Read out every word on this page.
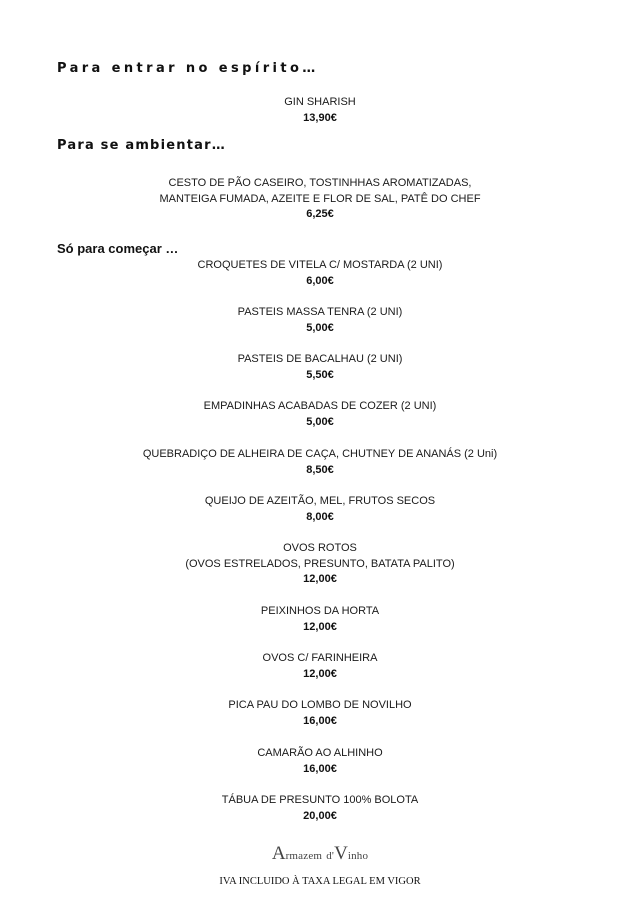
Para entrar no espírito…
GIN SHARISH
13,90€
Para se ambientar…
CESTO DE PÃO CASEIRO, TOSTINHHAS AROMATIZADAS,
MANTEIGA FUMADA, AZEITE E FLOR DE SAL, PATÊ DO CHEF
6,25€
Só para começar …
CROQUETES DE VITELA C/ MOSTARDA (2 UNI)
6,00€
PASTEIS MASSA TENRA (2 UNI)
5,00€
PASTEIS DE BACALHAU (2 UNI)
5,50€
EMPADINHAS ACABADAS DE COZER (2 UNI)
5,00€
QUEBRADIÇO DE ALHEIRA DE CAÇA, CHUTNEY DE ANANÁS (2 Uni)
8,50€
QUEIJO DE AZEITÃO, MEL, FRUTOS SECOS
8,00€
OVOS ROTOS
(OVOS ESTRELADOS, PRESUNTO, BATATA PALITO)
12,00€
PEIXINHOS DA HORTA
12,00€
OVOS C/ FARINHEIRA
12,00€
PICA PAU DO LOMBO DE NOVILHO
16,00€
CAMARÃO AO ALHINHO
16,00€
TÁBUA DE PRESUNTO 100% BOLOTA
20,00€
Armazem d'Vinho
IVA INCLUIDO À TAXA LEGAL EM VIGOR
